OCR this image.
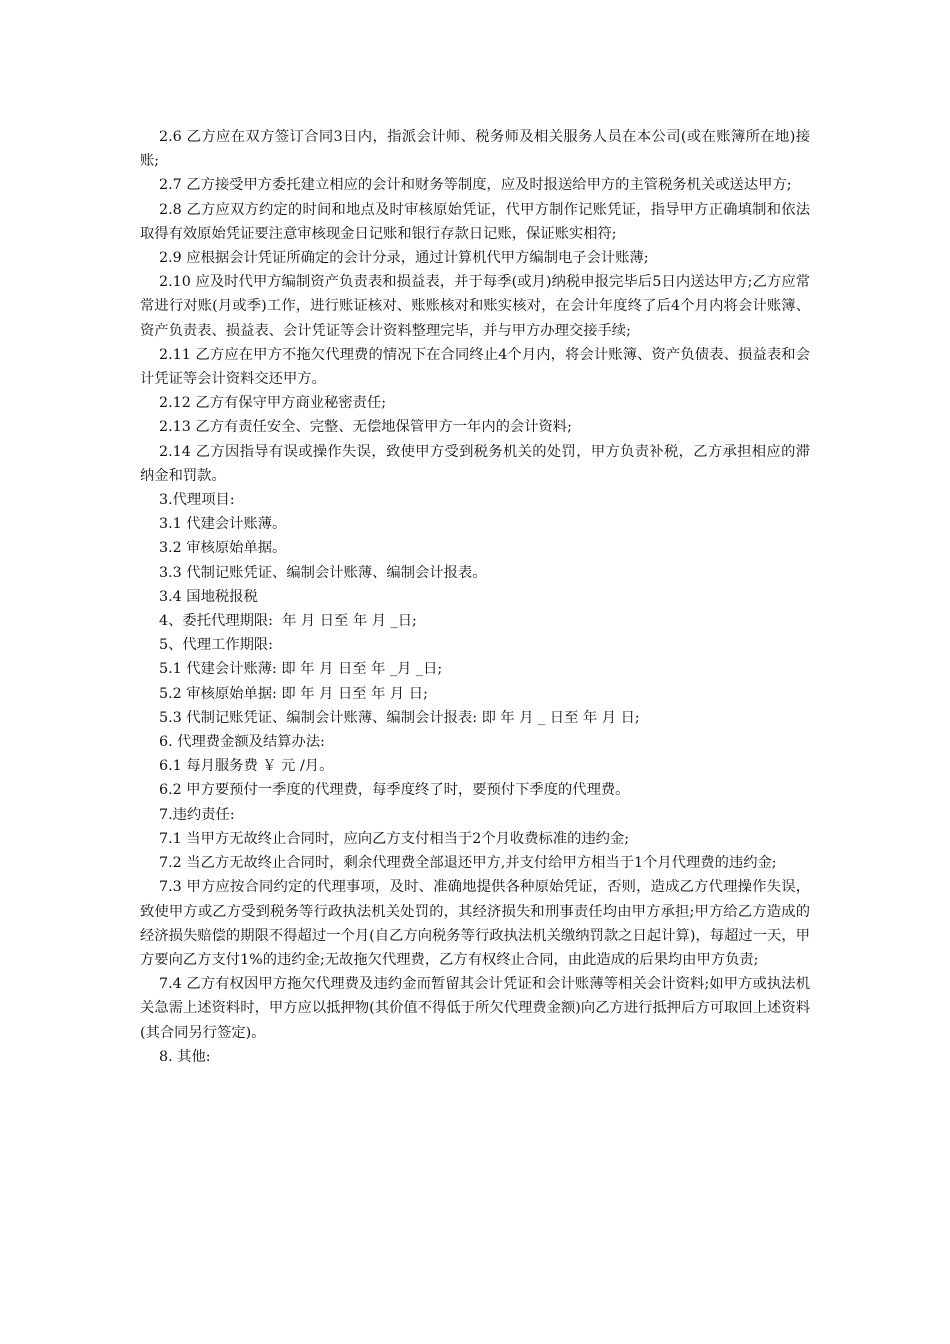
2.6 乙方应在双方签订合同3日内，指派会计师、税务师及相关服务人员在本公司(或在账簿所在地)接账;

2.7 乙方接受甲方委托建立相应的会计和财务等制度，应及时报送给甲方的主管税务机关或送达甲方;

2.8 乙方应双方约定的时间和地点及时审核原始凭证，代甲方制作记账凭证，指导甲方正确填制和依法取得有效原始凭证要注意审核现金日记账和银行存款日记账，保证账实相符;

2.9 应根据会计凭证所确定的会计分录，通过计算机代甲方编制电子会计账薄;

2.10 应及时代甲方编制资产负责表和损益表，并于每季(或月)纳税申报完毕后5日内送达甲方;乙方应常常进行对账(月或季)工作，进行账证核对、账账核对和账实核对，在会计年度终了后4个月内将会计账簿、资产负责表、损益表、会计凭证等会计资料整理完毕，并与甲方办理交接手续;

2.11 乙方应在甲方不拖欠代理费的情况下在合同终止4个月内，将会计账簿、资产负债表、损益表和会计凭证等会计资料交还甲方。

2.12 乙方有保守甲方商业秘密责任;

2.13 乙方有责任安全、完整、无偿地保管甲方一年内的会计资料;

2.14 乙方因指导有误或操作失误，致使甲方受到税务机关的处罚，甲方负责补税，乙方承担相应的滞纳金和罚款。

3.代理项目:

3.1 代建会计账薄。

3.2 审核原始单据。

3.3 代制记账凭证、编制会计账薄、编制会计报表。

3.4 国地税报税

4、委托代理期限:  年 月 日至 年 月 _日;

5、代理工作期限:

5.1 代建会计账薄: 即 年 月 日至 年 _月 _日;

5.2 审核原始单据: 即 年 月 日至 年 月 日;

5.3 代制记账凭证、编制会计账薄、编制会计报表: 即 年 月 _ 日至 年 月 日;

6. 代理费金额及结算办法:

6.1 每月服务费 ￥ 元 /月。

6.2 甲方要预付一季度的代理费，每季度终了时，要预付下季度的代理费。

7.违约责任:

7.1 当甲方无故终止合同时，应向乙方支付相当于2个月收费标准的违约金;

7.2 当乙方无故终止合同时，剩余代理费全部退还甲方,并支付给甲方相当于1个月代理费的违约金;

7.3 甲方应按合同约定的代理事项，及时、准确地提供各种原始凭证，否则，造成乙方代理操作失误，致使甲方或乙方受到税务等行政执法机关处罚的，其经济损失和刑事责任均由甲方承担;甲方给乙方造成的经济损失赔偿的期限不得超过一个月(自乙方向税务等行政执法机关缴纳罚款之日起计算)，每超过一天，甲方要向乙方支付1%的违约金;无故拖欠代理费，乙方有权终止合同，由此造成的后果均由甲方负责;

7.4 乙方有权因甲方拖欠代理费及违约金而暂留其会计凭证和会计账薄等相关会计资料;如甲方或执法机关急需上述资料时，甲方应以抵押物(其价值不得低于所欠代理费金额)向乙方进行抵押后方可取回上述资料(其合同另行签定)。

8. 其他:
